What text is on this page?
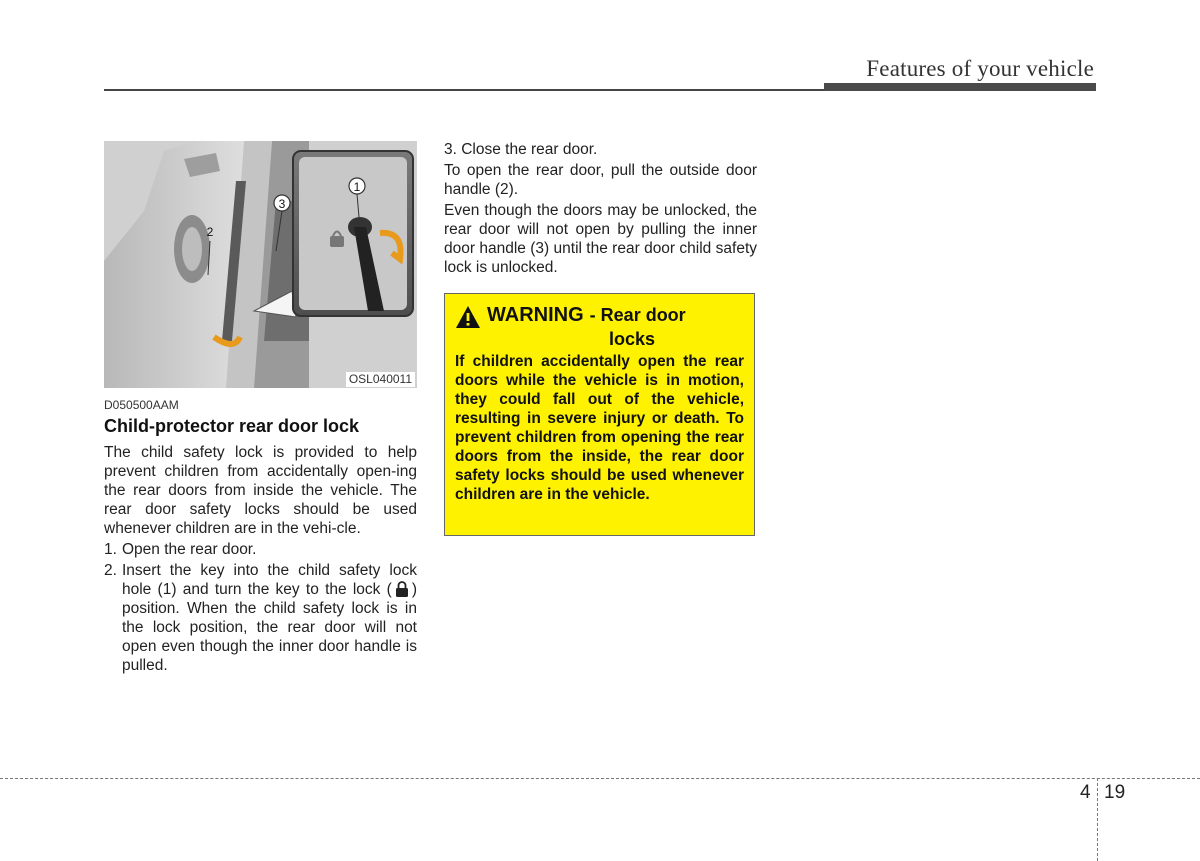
Features of your vehicle
1
3
2
OSL040011
D050500AAM
Child-protector rear door lock

The child safety lock is provided to help prevent children from accidentally open-ing the rear doors from inside the vehicle. The rear door safety locks should be used whenever children are in the vehi-cle.

1. Open the rear door.
2. Insert the key into the child safety lock hole (1) and turn the key to the lock ( ) position. When the child safety lock is in the lock position, the rear door will not open even though the inner door handle is pulled.

3. Close the rear door.

To open the rear door, pull the outside door handle (2).

Even though the doors may be unlocked, the rear door will not open by pulling the inner door handle (3) until the rear door child safety lock is unlocked.

WARNING - Rear door
locks
If children accidentally open the rear doors while the vehicle is in motion, they could fall out of the vehicle, resulting in severe injury or death. To prevent children from opening the rear doors from the inside, the rear door safety locks should be used whenever children are in the vehicle.
4 19
